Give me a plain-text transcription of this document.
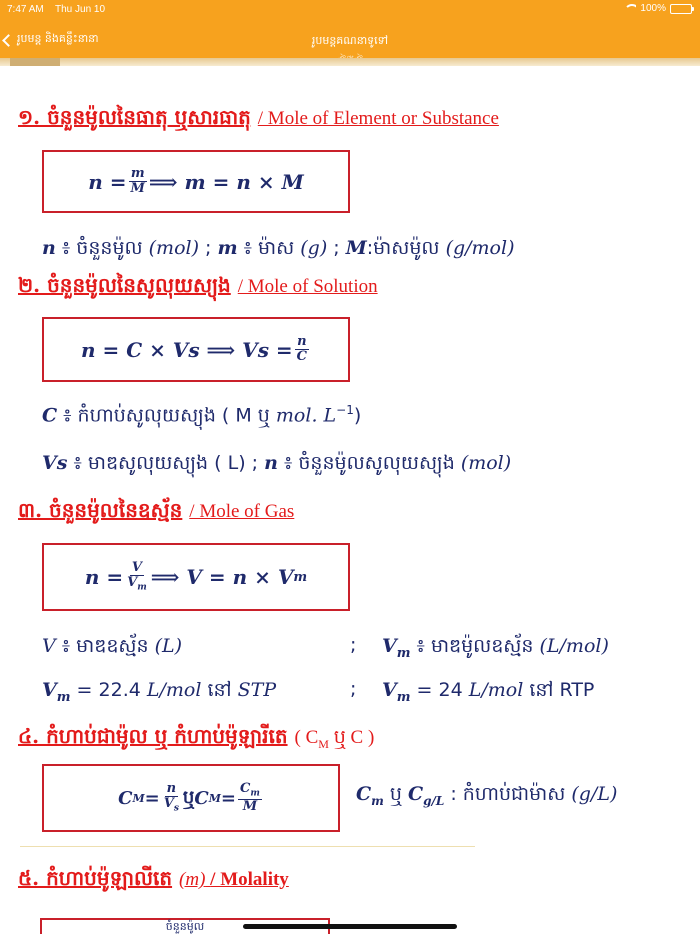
7:47 AM Thu Jun 10	100%
រូបមន្ត និងគន្លឹះនានា	រូបមន្តគណនាទូទៅ
១. ចំនួនម៉ូលនៃធាតុ ឬសារធាតុ / Mole of Element or Substance
$n = \frac{m}{M}$ ⟹ m = n × M
n ៖ ចំនួនម៉ូល (mol) ; m ៖ ម៉ាស (g) ; M:ម៉ាសម៉ូល (g/mol)
២. ចំនួនម៉ូលនៃសូលុយស្យុង / Mole of Solution
n = C × Vs ⟹ $Vs = \frac{n}{C}$
C ៖ កំហាប់សូលុយស្យុង ( M ឬ mol. $L^{-1}$)
Vs ៖ មាឌសូលុយស្យុង ( L) ; n ៖ ចំនួនម៉ូលសូលុយស្យុង (mol)
៣. ចំនួនម៉ូលនៃឧស្ម័ន / Mole of Gas
$n = \frac{V}{V_m}$ ⟹ V = n × V m
V ៖ មាឌឧស្ម័ន (L)	; $V_m$ ៖ មាឌម៉ូលឧស្ម័ន (L/mol)
$V_m = 22.4$ L/mol នៅ STP	; $V_m = 24$ L/mol នៅ RTP
៤. កំហាប់ជាម៉ូល ឬ កំហាប់ម៉ូឡារីតេ ( $C_M$ ឬ C )
C $M = \frac{n}{V_s}$ ឬ C $M = \frac{C_m}{M}$	$C_m$ ឬ $C_{g/L}$ : កំហាប់ជាម៉ាស (g/L)
៥. កំហាប់ម៉ូឡាលីតេ (m) / Molality
ចំនួនម៉ូល
